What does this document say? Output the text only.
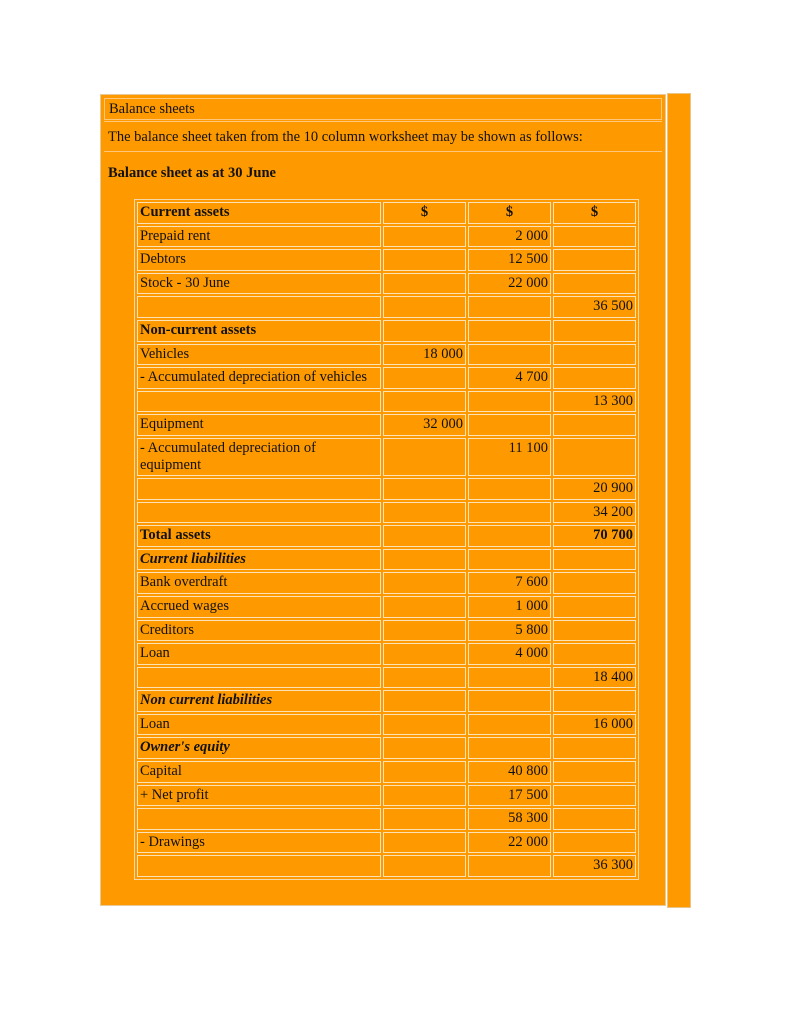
Balance sheets
The balance sheet taken from the 10 column worksheet may be shown as follows:
Balance sheet as at 30 June
Current assets	$	$	$
Prepaid rent		2 000	
Debtors		12 500	
Stock - 30 June		22 000	
			36 500
Non-current assets			
Vehicles	18 000		
- Accumulated depreciation of vehicles		4 700	
			13 300
Equipment	32 000		
- Accumulated depreciation of equipment		11 100	
			20 900
			34 200
Total assets			70 700
Current liabilities			
Bank overdraft		7 600	
Accrued wages		1 000	
Creditors		5 800	
Loan		4 000	
			18 400
Non current liabilities			
Loan			16 000
Owner's equity			
Capital		40 800	
+ Net profit		17 500	
		58 300	
- Drawings		22 000	
			36 300
